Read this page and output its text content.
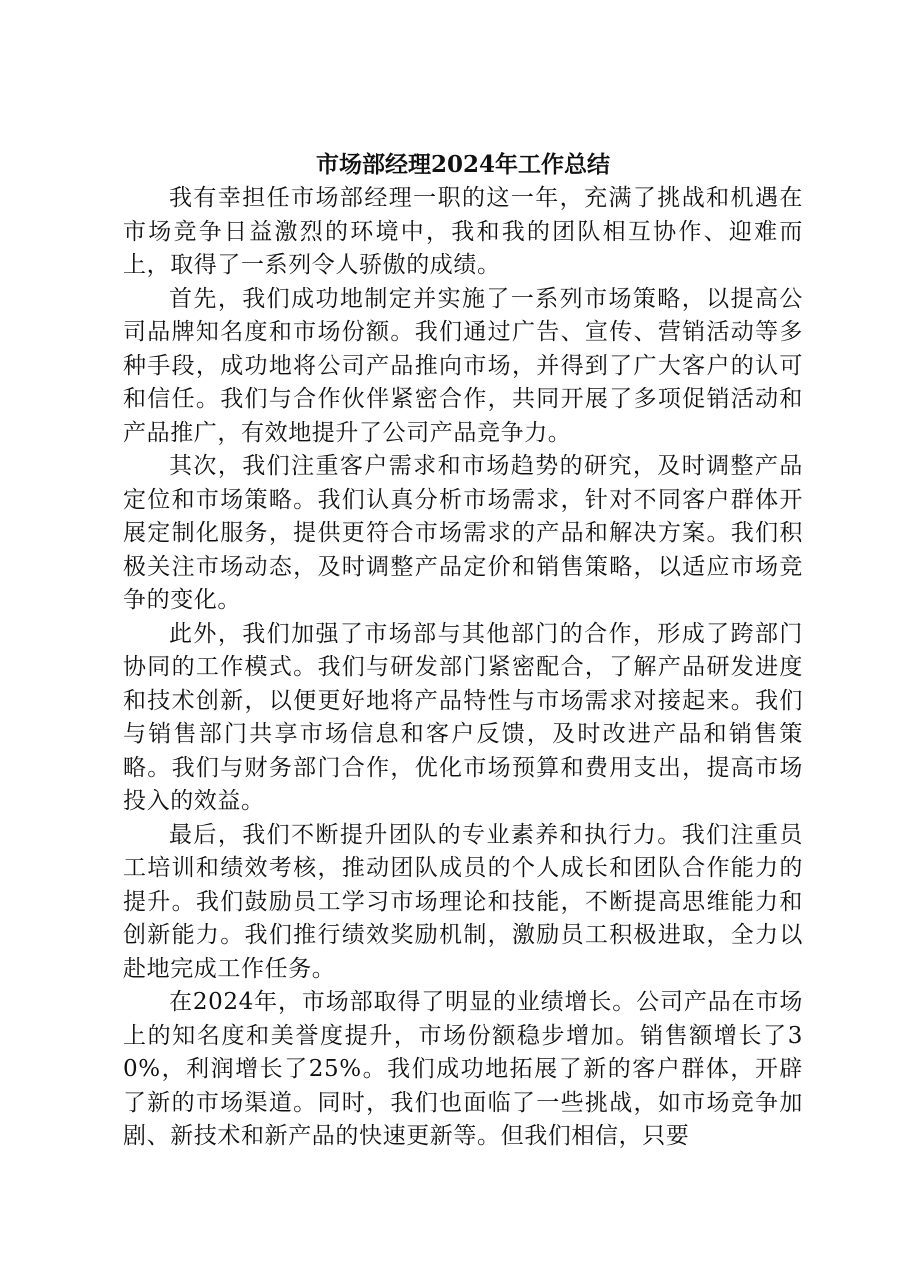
市场部经理2024年工作总结

我有幸担任市场部经理一职的这一年，充满了挑战和机遇在市场竞争日益激烈的环境中，我和我的团队相互协作、迎难而上，取得了一系列令人骄傲的成绩。

首先，我们成功地制定并实施了一系列市场策略，以提高公司品牌知名度和市场份额。我们通过广告、宣传、营销活动等多种手段，成功地将公司产品推向市场，并得到了广大客户的认可和信任。我们与合作伙伴紧密合作，共同开展了多项促销活动和产品推广，有效地提升了公司产品竞争力。

其次，我们注重客户需求和市场趋势的研究，及时调整产品定位和市场策略。我们认真分析市场需求，针对不同客户群体开展定制化服务，提供更符合市场需求的产品和解决方案。我们积极关注市场动态，及时调整产品定价和销售策略，以适应市场竞争的变化。

此外，我们加强了市场部与其他部门的合作，形成了跨部门协同的工作模式。我们与研发部门紧密配合，了解产品研发进度和技术创新，以便更好地将产品特性与市场需求对接起来。我们与销售部门共享市场信息和客户反馈，及时改进产品和销售策略。我们与财务部门合作，优化市场预算和费用支出，提高市场投入的效益。

最后，我们不断提升团队的专业素养和执行力。我们注重员工培训和绩效考核，推动团队成员的个人成长和团队合作能力的提升。我们鼓励员工学习市场理论和技能，不断提高思维能力和创新能力。我们推行绩效奖励机制，激励员工积极进取，全力以赴地完成工作任务。

在2024年，市场部取得了明显的业绩增长。公司产品在市场上的知名度和美誉度提升，市场份额稳步增加。销售额增长了30%，利润增长了25%。我们成功地拓展了新的客户群体，开辟了新的市场渠道。同时，我们也面临了一些挑战，如市场竞争加剧、新技术和新产品的快速更新等。但我们相信，只要
